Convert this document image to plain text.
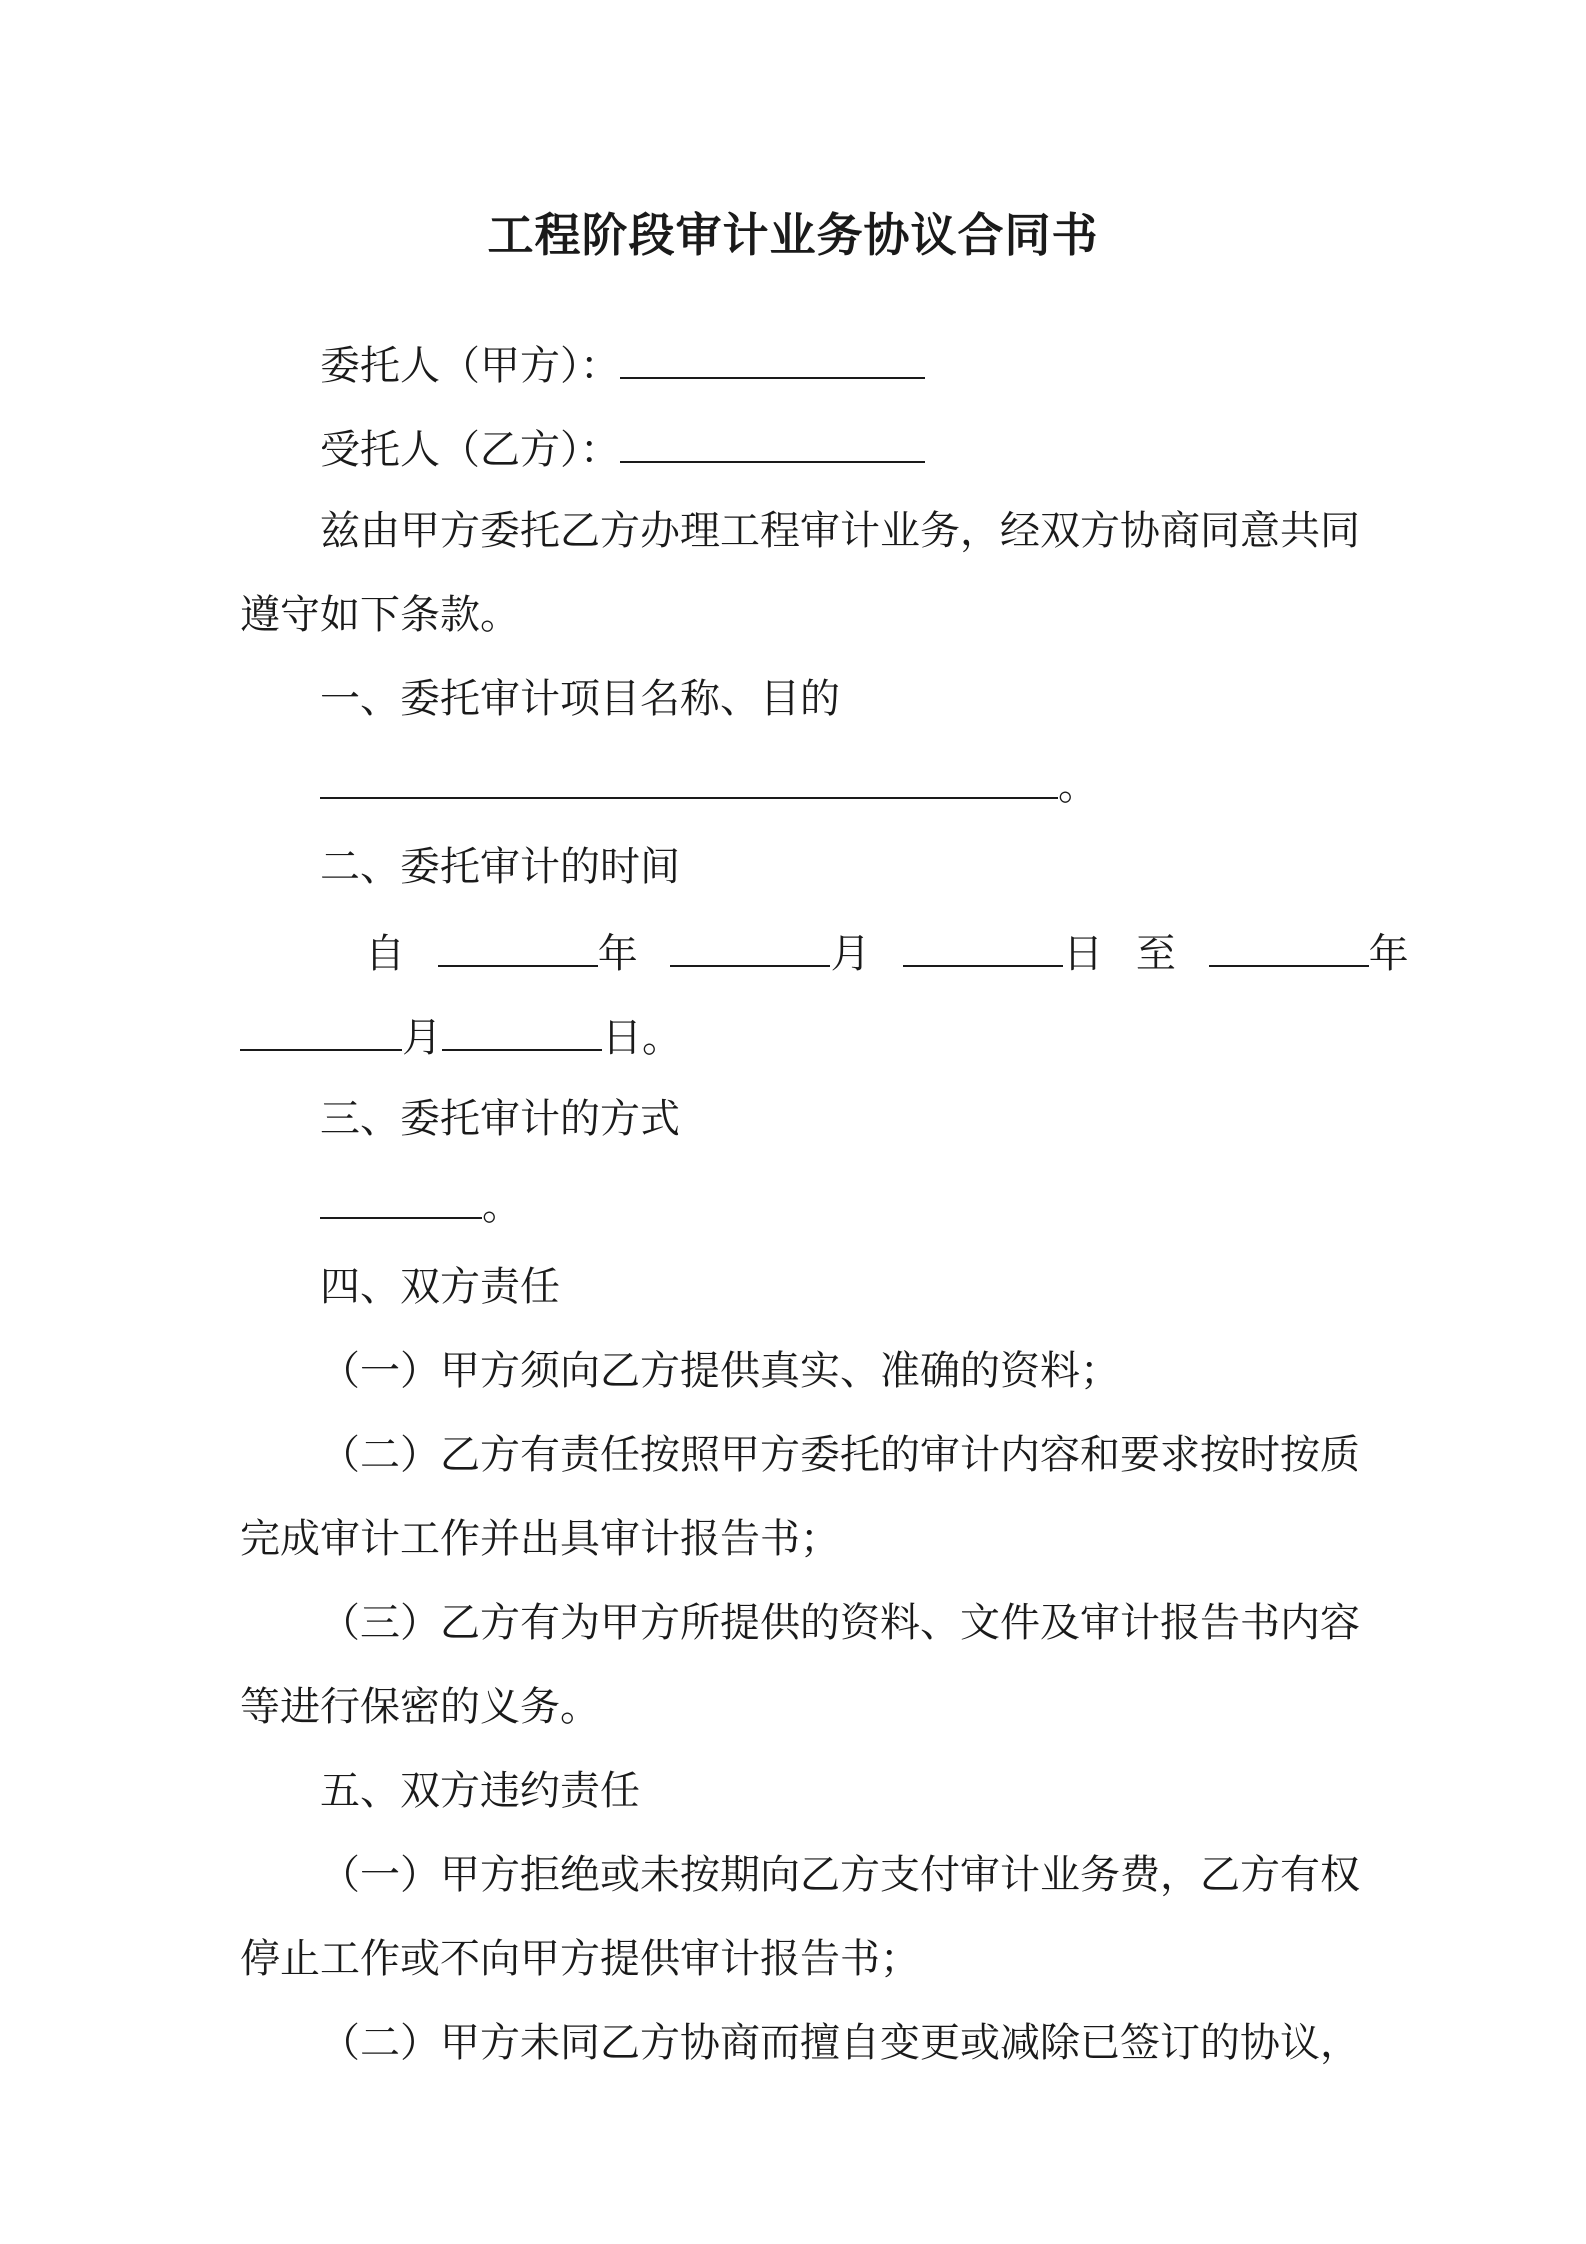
工程阶段审计业务协议合同书
委托人（甲方）：
受托人（乙方）：
兹由甲方委托乙方办理工程审计业务，经双方协商同意共同
遵守如下条款。
一、委托审计项目名称、目的
。
二、委托审计的时间
自	年	月	日 至	年
月	日。
三、委托审计的方式
。
四、双方责任
（一）甲方须向乙方提供真实、准确的资料；
（二）乙方有责任按照甲方委托的审计内容和要求按时按质
完成审计工作并出具审计报告书；
（三）乙方有为甲方所提供的资料、文件及审计报告书内容
等进行保密的义务。
五、双方违约责任
（一）甲方拒绝或未按期向乙方支付审计业务费，乙方有权
停止工作或不向甲方提供审计报告书；
（二）甲方未同乙方协商而擅自变更或减除已签订的协议，
